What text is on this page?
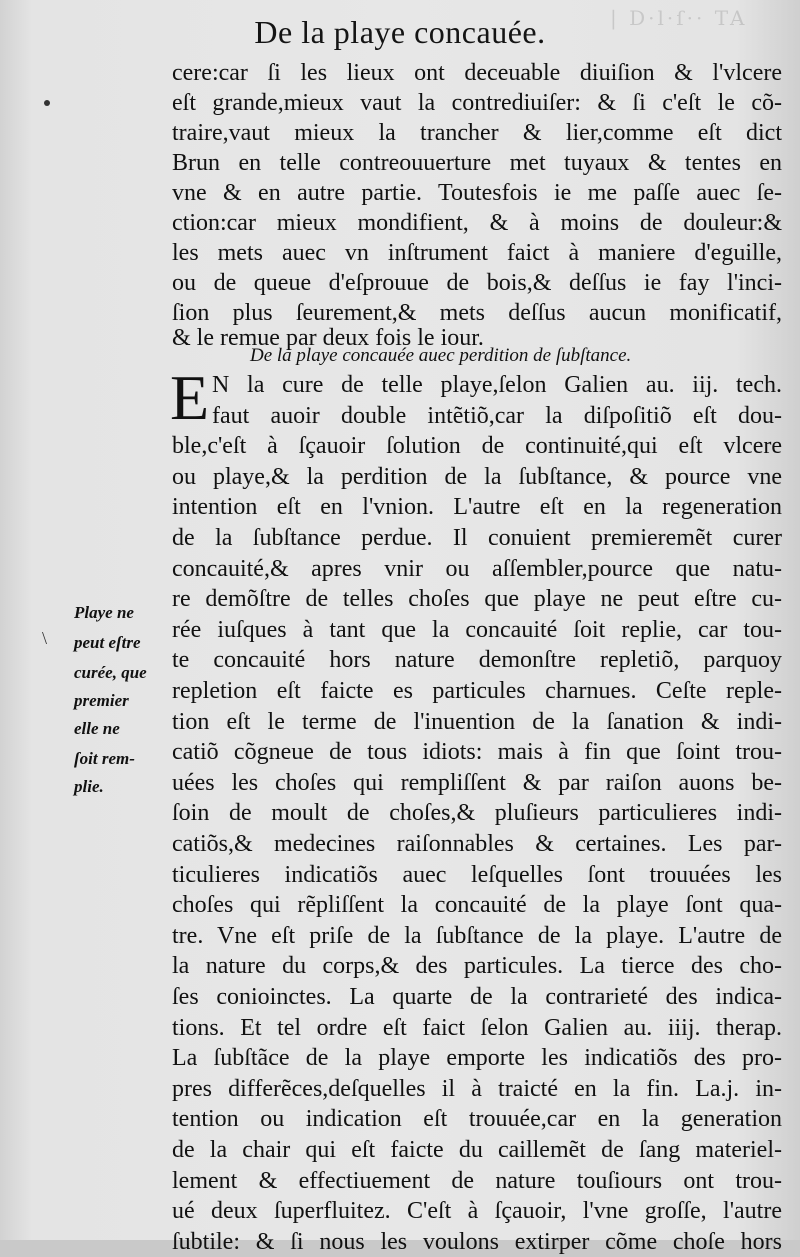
| D·l·ſ·· TA
De la playe concauée.
\
De la playe concauée auec perdition de ſubſtance.
E
cere:car ſi les lieux ont deceuable diuiſion & l'vlcere
eſt grande,mieux vaut la contrediuiſer: & ſi c'eſt le cõ-
traire,vaut mieux la trancher & lier,comme eſt dict
Brun en telle contreouuerture met tuyaux & tentes en
vne & en autre partie. Toutesfois ie me paſſe auec ſe-
ction:car mieux mondifient, & à moins de douleur:&
les mets auec vn inſtrument faict à maniere d'eguille,
ou de queue d'eſprouue de bois,& deſſus ie fay l'inci-
ſion plus ſeurement,& mets deſſus aucun monificatif,
& le remue par deux fois le iour.
N la cure de telle playe,ſelon Galien au. iij. tech.
faut auoir double intẽtiõ,car la diſpoſitiõ eſt dou-
ble,c'eſt à ſçauoir ſolution de continuité,qui eſt vlcere
ou playe,& la perdition de la ſubſtance, & pource vne
intention eſt en l'vnion. L'autre eſt en la regeneration
de la ſubſtance perdue. Il conuient premieremẽt curer
concauité,& apres vnir ou aſſembler,pource que natu-
re demõſtre de telles choſes que playe ne peut eſtre cu-
rée iuſques à tant que la concauité ſoit replie, car tou-
te concauité hors nature demonſtre repletiõ, parquoy
repletion eſt faicte es particules charnues. Ceſte reple-
tion eſt le terme de l'inuention de la ſanation & indi-
catiõ cõgneue de tous idiots: mais à fin que ſoint trou-
uées les choſes qui rempliſſent & par raiſon auons be-
ſoin de moult de choſes,& pluſieurs particulieres indi-
catiõs,& medecines raiſonnables & certaines. Les par-
ticulieres indicatiõs auec leſquelles ſont trouuées les
choſes qui rẽpliſſent la concauité de la playe ſont qua-
tre. Vne eſt priſe de la ſubſtance de la playe. L'autre de
la nature du corps,& des particules. La tierce des cho-
ſes conioinctes. La quarte de la contrarieté des indica-
tions. Et tel ordre eſt faict ſelon Galien au. iiij. therap.
La ſubſtãce de la playe emporte les indicatiõs des pro-
pres differẽces,deſquelles il à traicté en la fin. La.j. in-
tention ou indication eſt trouuée,car en la generation
de la chair qui eſt faicte du caillemẽt de ſang materiel-
lement & effectiuement de nature touſiours ont trou-
ué deux ſuperfluitez. C'eſt à ſçauoir, l'vne groſſe, l'autre
ſubtile: & ſi nous les voulons extirper cõme choſe hors
Playe ne
peut eſtre
curée, que
premier
elle ne
ſoit rem-
plie.
